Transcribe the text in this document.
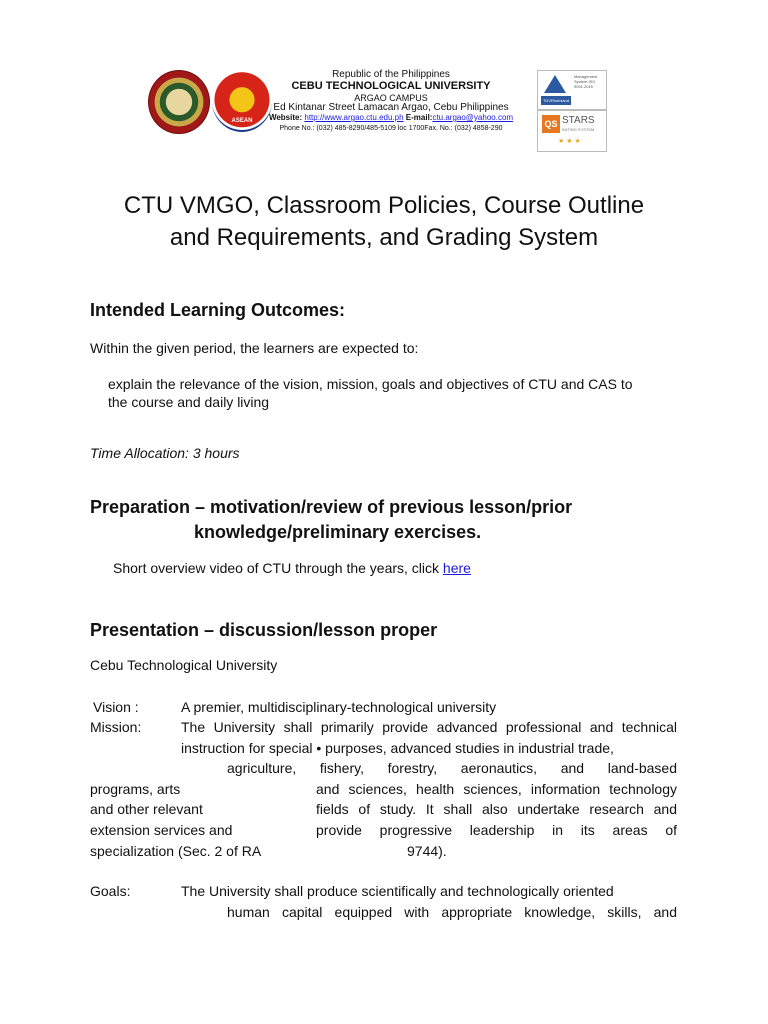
ASEAN
Republic of the Philippines
CEBU TECHNOLOGICAL UNIVERSITY
ARGAO CAMPUS
Ed Kintanar Street Lamacan Argao, Cebu Philippines
Website: http://www.argao.ctu.edu.ph E-mail:ctu.argao@yahoo.com
Phone No.: (032) 485-8290/485-5109 loc 1700Fax. No.: (032) 4858-290
TÜVRheinland
Management System ISO 9001:2015
QS STARS
RATING SYSTEM
★★★
CTU VMGO, Classroom Policies, Course Outline
and Requirements, and Grading System
Intended Learning Outcomes:
Within the given period, the learners are expected to:
explain the relevance of the vision, mission, goals and objectives of CTU and CAS to
the course and daily living
Time Allocation: 3 hours
Preparation – motivation/review of previous lesson/prior
knowledge/preliminary exercises.
Short overview video of CTU through the years, click here
Presentation – discussion/lesson proper
Cebu Technological University
Vision :	A premier, multidisciplinary-technological university
Mission:	The University shall primarily provide advanced professional and technical
instruction for special • purposes, advanced studies in industrial trade,
agriculture, fishery, forestry, aeronautics, and land-based
programs, arts	and sciences, health sciences, information technology
and other relevant	fields of study. It shall also undertake research and
extension services and	provide progressive leadership in its areas of
specialization (Sec. 2 of RA	9744).
Goals:	The University shall produce scientifically and technologically oriented
human capital equipped with appropriate knowledge, skills, and
